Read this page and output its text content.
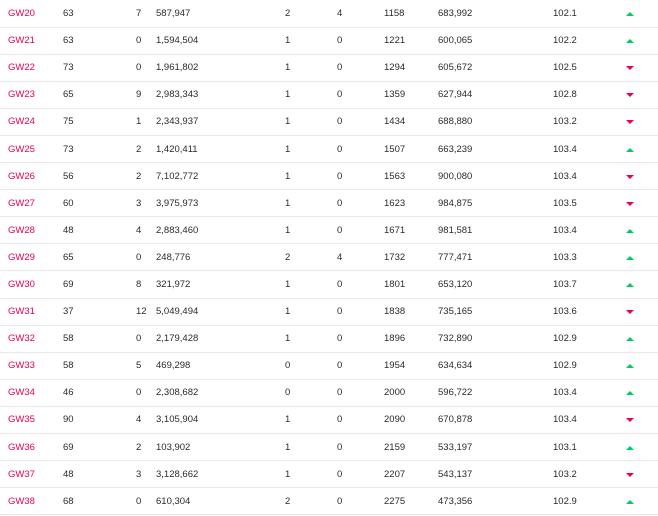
GW20	63	7	587,947	2	4	1158	683,992	102.1	
GW21	63	0	1,594,504	1	0	1221	600,065	102.2	
GW22	73	0	1,961,802	1	0	1294	605,672	102.5	
GW23	65	9	2,983,343	1	0	1359	627,944	102.8	
GW24	75	1	2,343,937	1	0	1434	688,880	103.2	
GW25	73	2	1,420,411	1	0	1507	663,239	103.4	
GW26	56	2	7,102,772	1	0	1563	900,080	103.4	
GW27	60	3	3,975,973	1	0	1623	984,875	103.5	
GW28	48	4	2,883,460	1	0	1671	981,581	103.4	
GW29	65	0	248,776	2	4	1732	777,471	103.3	
GW30	69	8	321,972	1	0	1801	653,120	103.7	
GW31	37	12	5,049,494	1	0	1838	735,165	103.6	
GW32	58	0	2,179,428	1	0	1896	732,890	102.9	
GW33	58	5	469,298	0	0	1954	634,634	102.9	
GW34	46	0	2,308,682	0	0	2000	596,722	103.4	
GW35	90	4	3,105,904	1	0	2090	670,878	103.4	
GW36	69	2	103,902	1	0	2159	533,197	103.1	
GW37	48	3	3,128,662	1	0	2207	543,137	103.2	
GW38	68	0	610,304	2	0	2275	473,356	102.9	
